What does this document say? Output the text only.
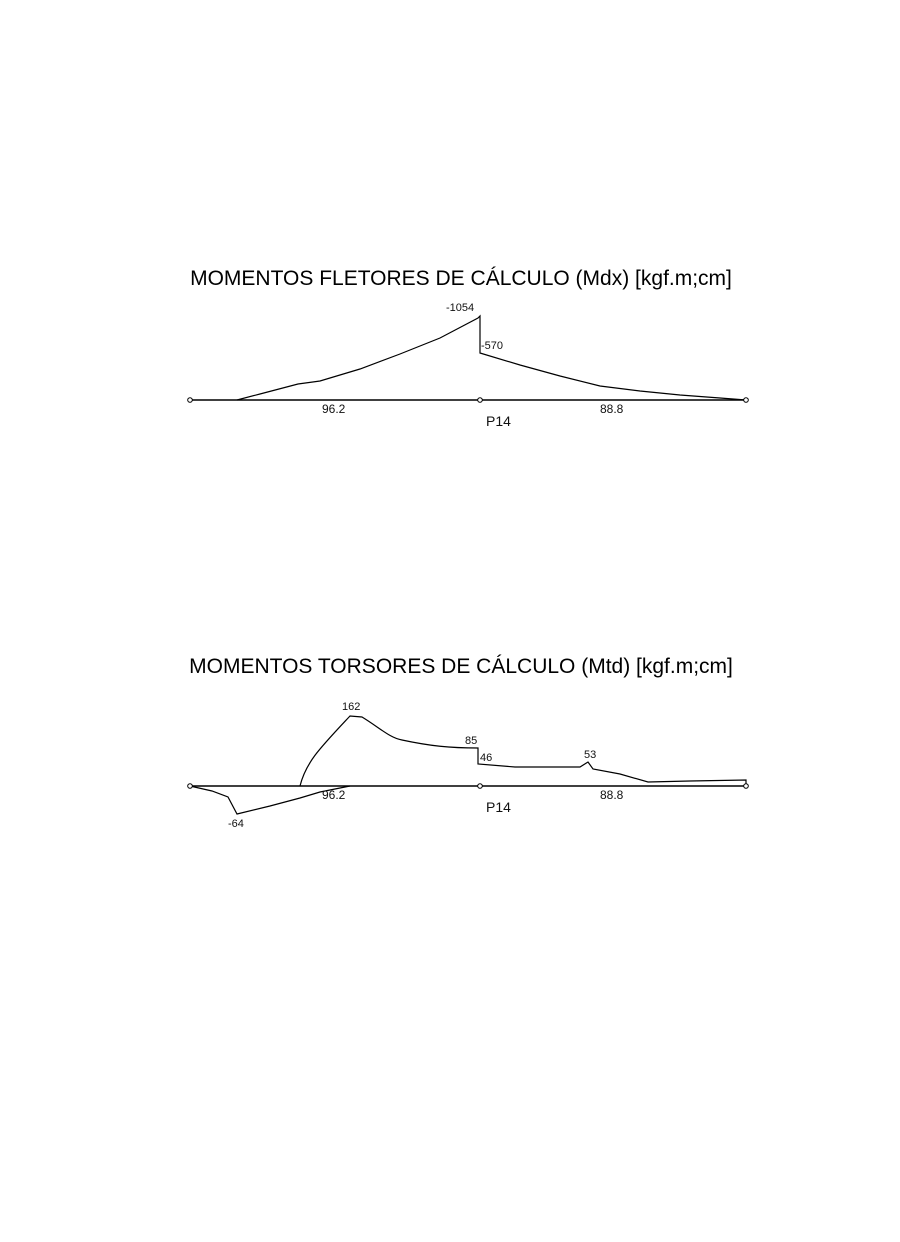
MOMENTOS FLETORES DE CÁLCULO (Mdx) [kgf.m;cm]
-1054
-570
96.2	88.8
P14
MOMENTOS TORSORES DE CÁLCULO (Mtd) [kgf.m;cm]
162
85
46	53
-64
96.2	88.8
P14
